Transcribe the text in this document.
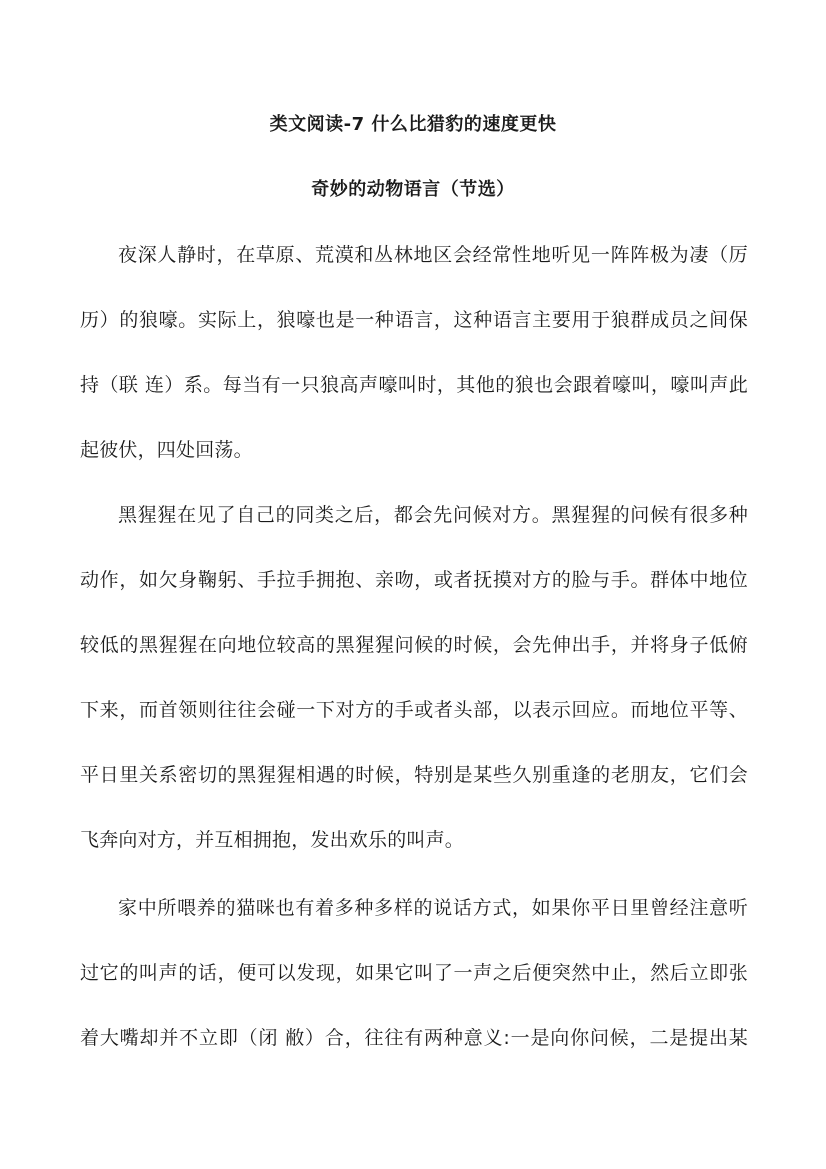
类文阅读-7 什么比猎豹的速度更快
奇妙的动物语言（节选）
夜深人静时，在草原、荒漠和丛林地区会经常性地听见一阵阵极为凄（厉
历）的狼嚎。实际上，狼嚎也是一种语言，这种语言主要用于狼群成员之间保
持（联 连）系。每当有一只狼高声嚎叫时，其他的狼也会跟着嚎叫，嚎叫声此
起彼伏，四处回荡。
黑猩猩在见了自己的同类之后，都会先问候对方。黑猩猩的问候有很多种
动作，如欠身鞠躬、手拉手拥抱、亲吻，或者抚摸对方的脸与手。群体中地位
较低的黑猩猩在向地位较高的黑猩猩问候的时候，会先伸出手，并将身子低俯
下来，而首领则往往会碰一下对方的手或者头部，以表示回应。而地位平等、
平日里关系密切的黑猩猩相遇的时候，特别是某些久别重逢的老朋友，它们会
飞奔向对方，并互相拥抱，发出欢乐的叫声。
家中所喂养的猫咪也有着多种多样的说话方式，如果你平日里曾经注意听
过它的叫声的话，便可以发现，如果它叫了一声之后便突然中止，然后立即张
着大嘴却并不立即（闭 敝）合，往往有两种意义:一是向你问候，二是提出某
